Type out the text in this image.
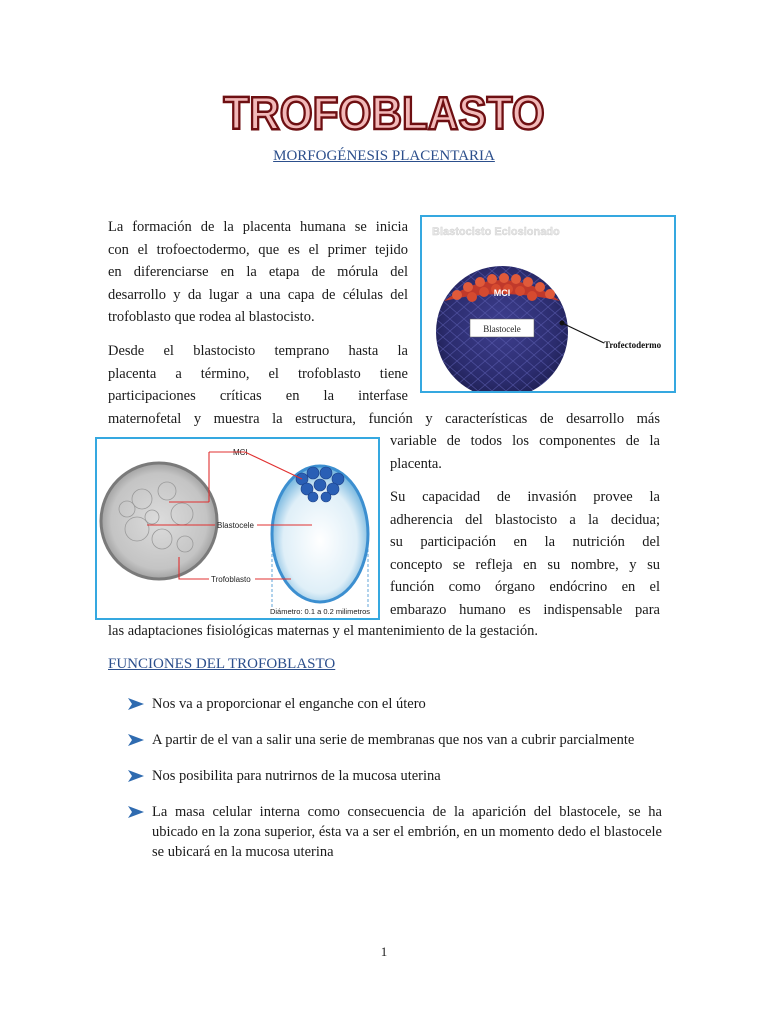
TROFOBLASTO
MORFOGÉNESIS PLACENTARIA
La formación de la placenta humana se inicia
con el trofoectodermo, que es el primer tejido
en diferenciarse en la etapa de mórula del
desarrollo y da lugar a una capa de células del
trofoblasto que rodea al blastocisto.
Desde el blastocisto temprano hasta la
placenta a término, el trofoblasto tiene
participaciones críticas en la interfase
maternofetal y muestra la estructura, función y características de desarrollo más
variable de todos los componentes de la
placenta.
Su capacidad de invasión provee la
adherencia del blastocisto a la decidua;
su participación en la nutrición del
concepto se refleja en su nombre, y su
función como órgano endócrino en el
embarazo humano es indispensable para
las adaptaciones fisiológicas maternas y el mantenimiento de la gestación.
Blastocisto Eclosionado
MCI
Blastocele
Trofectodermo
MCI
Blastocele
Trofoblasto
Diámetro: 0.1 a 0.2 milimetros
FUNCIONES DEL TROFOBLASTO
Nos va a proporcionar el enganche con el útero
A partir de el van a salir una serie de membranas que nos van a cubrir parcialmente
Nos posibilita para nutrirnos de la mucosa uterina
La masa celular interna como consecuencia de la aparición del blastocele, se ha ubicado en la zona superior, ésta va a ser el embrión, en un momento dedo el blastocele se ubicará en la mucosa uterina
1
